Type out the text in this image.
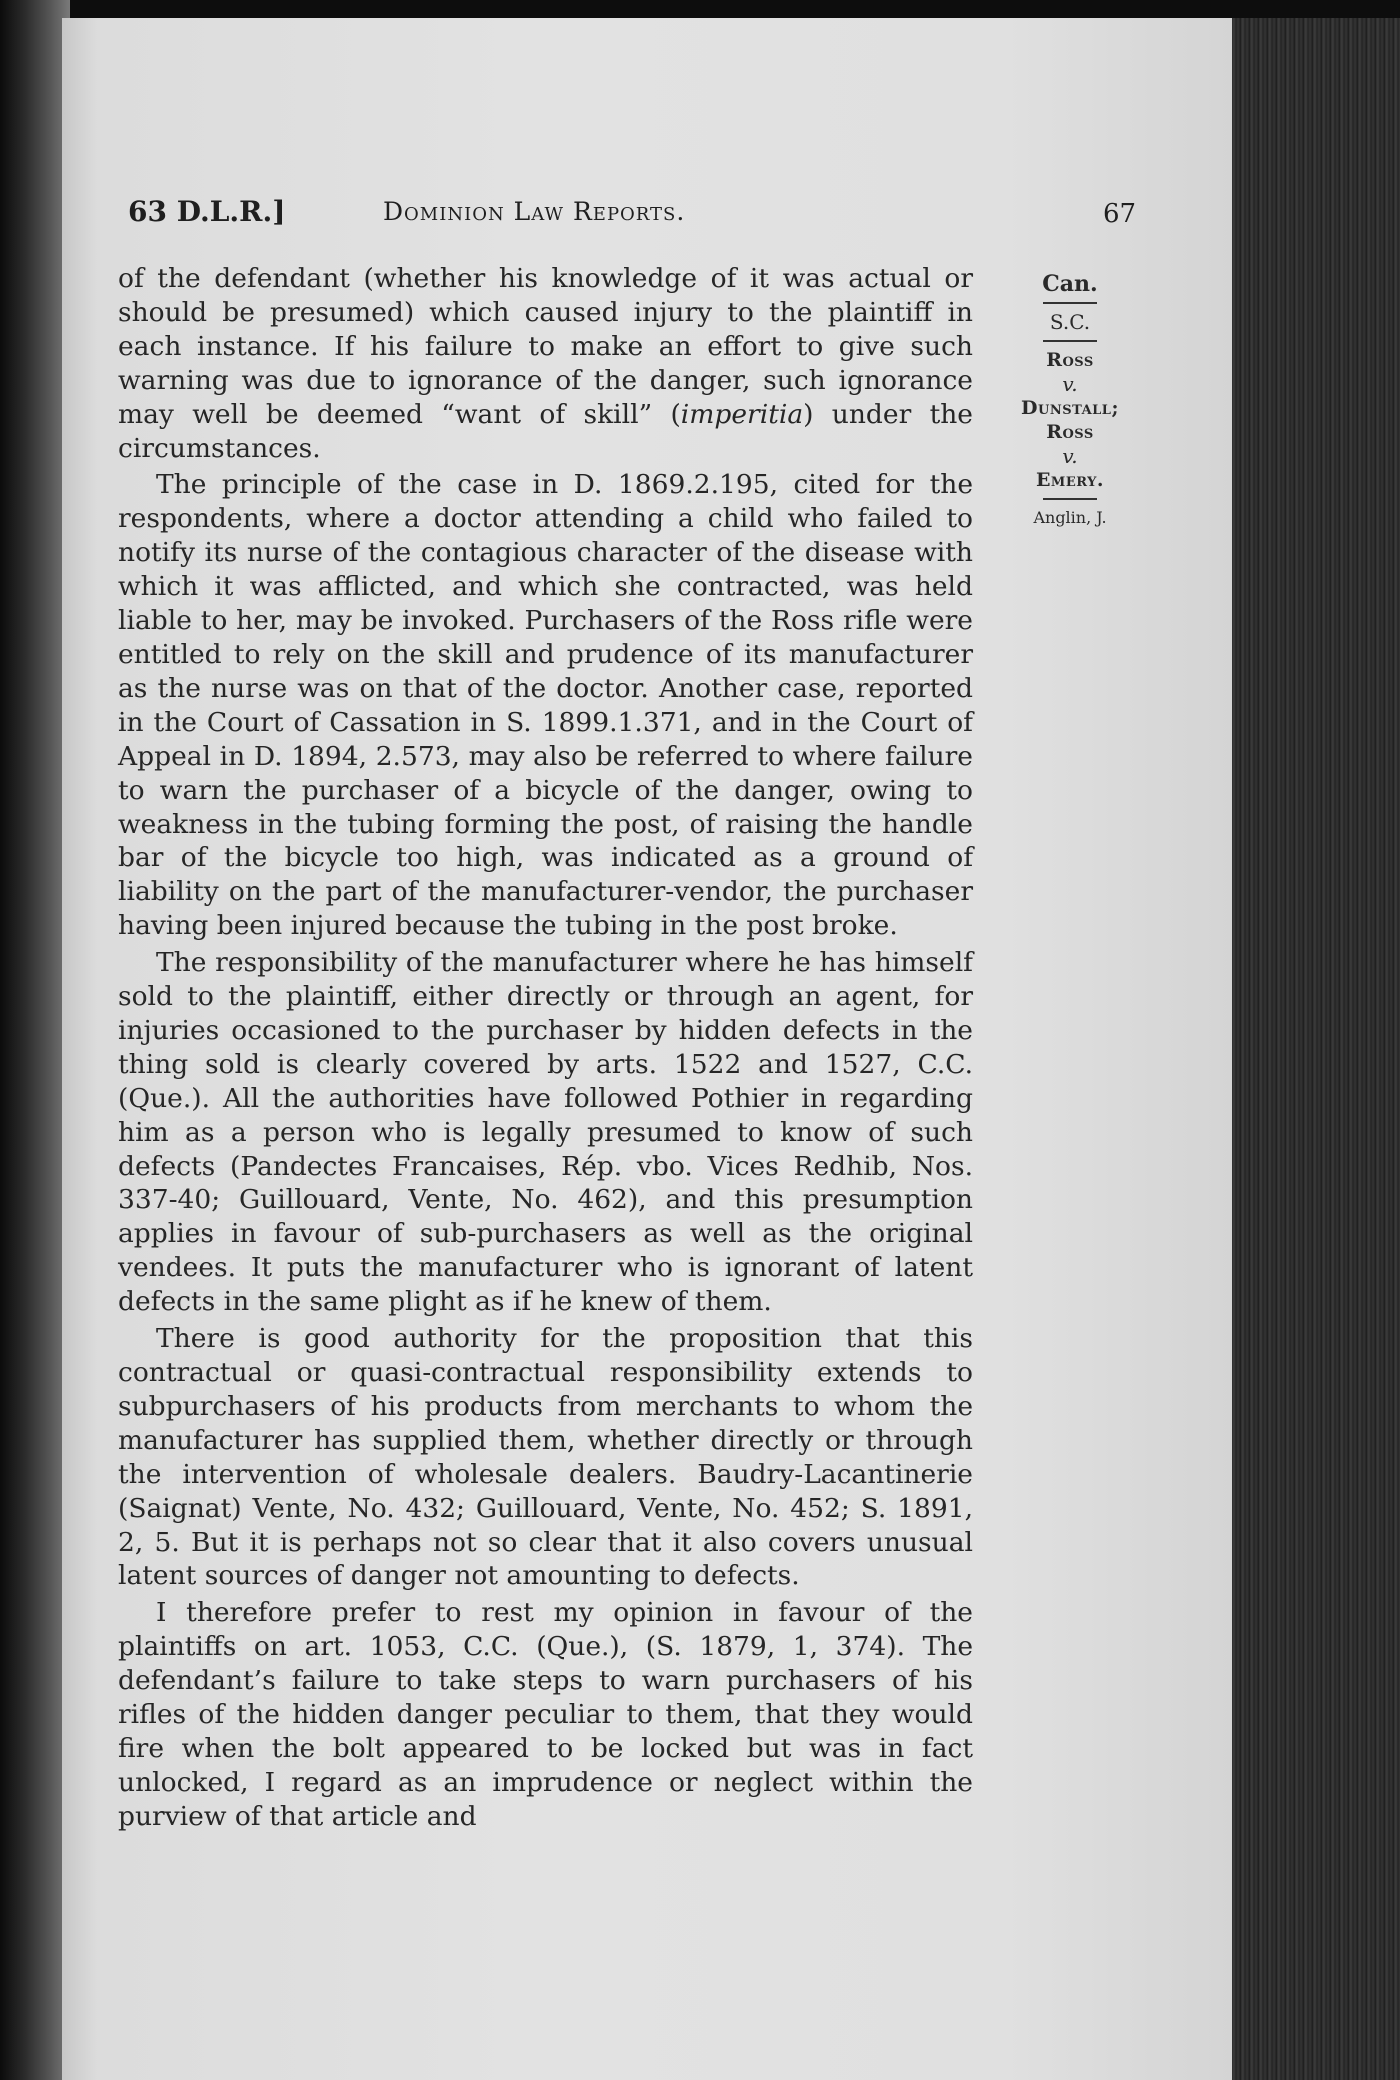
63 D.L.R.]	Dominion Law Reports.	67

of the defendant (whether his knowledge of it was actual or should be presumed) which caused injury to the plaintiff in each instance. If his failure to make an effort to give such warning was due to ignorance of the danger, such ignorance may well be deemed “want of skill” (imperitia) under the circumstances.

The principle of the case in D. 1869.2.195, cited for the respondents, where a doctor attending a child who failed to notify its nurse of the contagious character of the disease with which it was afflicted, and which she contracted, was held liable to her, may be invoked. Purchasers of the Ross rifle were entitled to rely on the skill and prudence of its manufacturer as the nurse was on that of the doctor. Another case, reported in the Court of Cassation in S. 1899.1.371, and in the Court of Appeal in D. 1894, 2.573, may also be referred to where failure to warn the purchaser of a bicycle of the danger, owing to weakness in the tubing forming the post, of raising the handle bar of the bicycle too high, was indicated as a ground of liability on the part of the manufacturer-vendor, the purchaser having been injured because the tubing in the post broke.

The responsibility of the manufacturer where he has himself sold to the plaintiff, either directly or through an agent, for injuries occasioned to the purchaser by hidden defects in the thing sold is clearly covered by arts. 1522 and 1527, C.C. (Que.). All the authorities have followed Pothier in regarding him as a person who is legally presumed to know of such defects (Pandectes Francaises, Rép. vbo. Vices Redhib, Nos. 337-40; Guillouard, Vente, No. 462), and this presumption applies in favour of sub-purchasers as well as the original vendees. It puts the manufacturer who is ignorant of latent defects in the same plight as if he knew of them.

There is good authority for the proposition that this contractual or quasi-contractual responsibility extends to subpurchasers of his products from merchants to whom the manufacturer has supplied them, whether directly or through the intervention of wholesale dealers. Baudry-Lacantinerie (Saignat) Vente, No. 432; Guillouard, Vente, No. 452; S. 1891, 2, 5. But it is perhaps not so clear that it also covers unusual latent sources of danger not amounting to defects.

I therefore prefer to rest my opinion in favour of the plaintiffs on art. 1053, C.C. (Que.), (S. 1879, 1, 374). The defendant’s failure to take steps to warn purchasers of his rifles of the hidden danger peculiar to them, that they would fire when the bolt appeared to be locked but was in fact unlocked, I regard as an imprudence or neglect within the purview of that article and

Can.
S.C.
Ross
v.
Dunstall;
Ross
v.
Emery.
Anglin, J.
